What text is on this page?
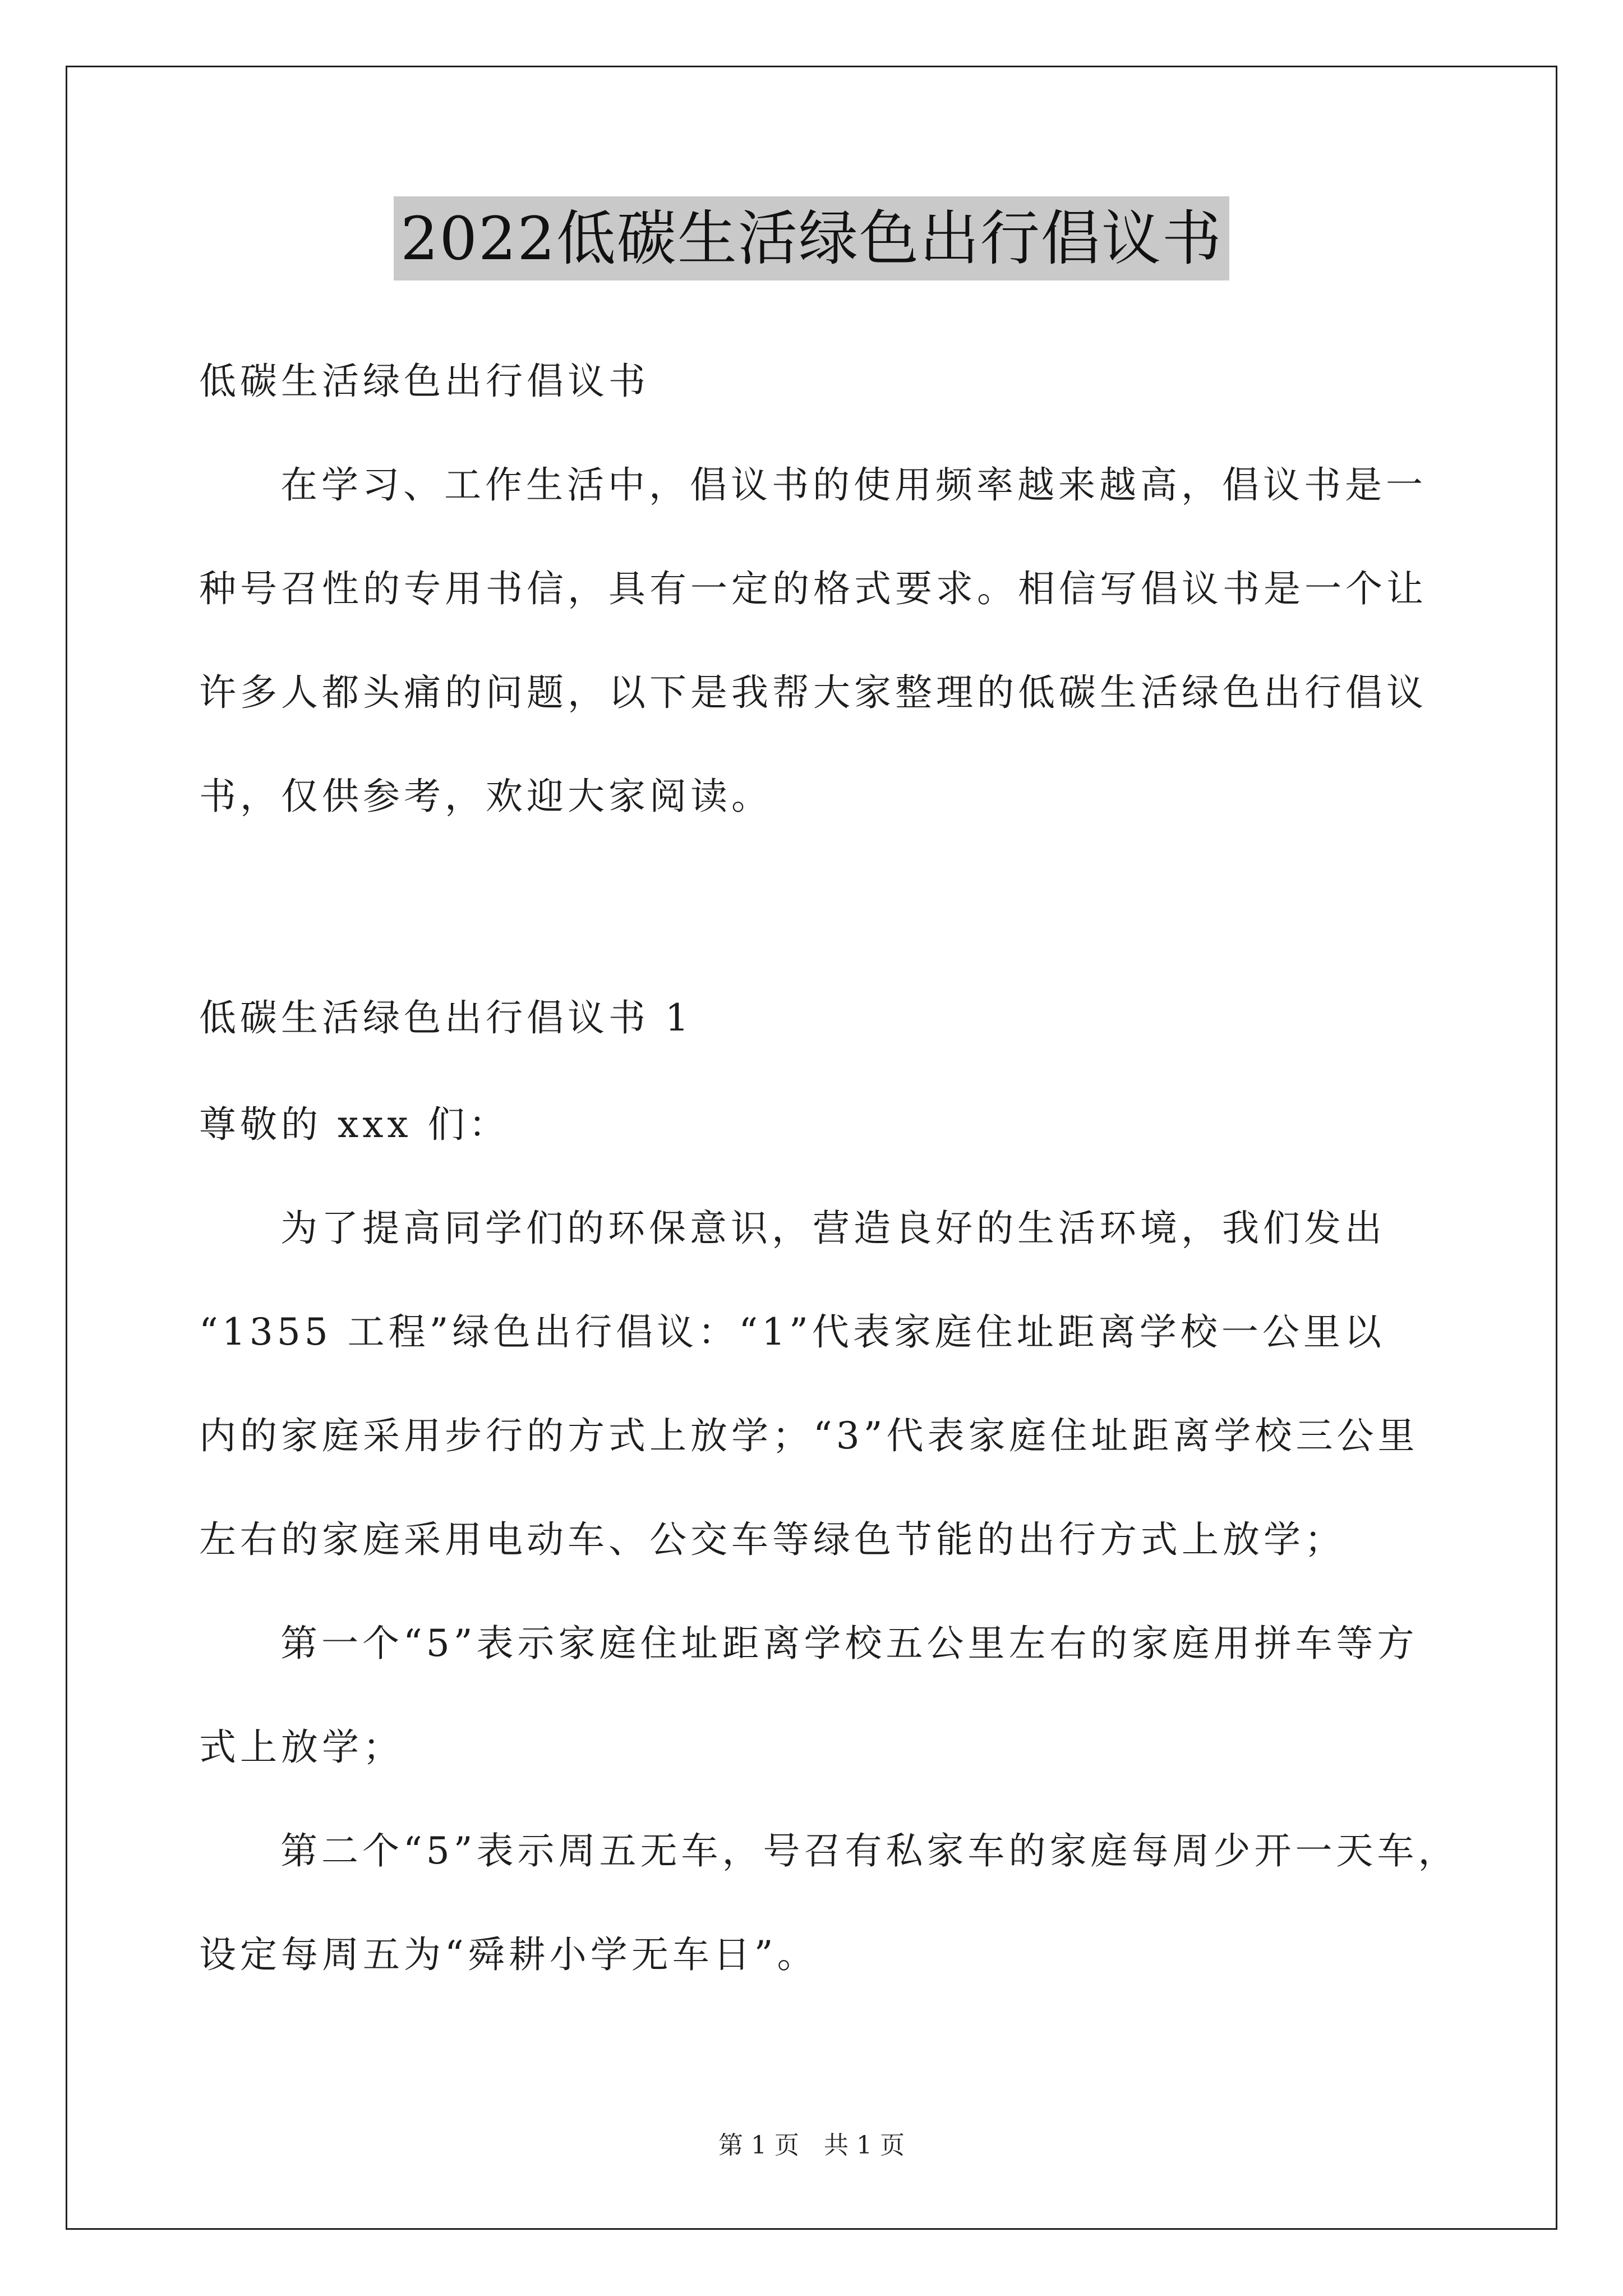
2022低碳生活绿色出行倡议书
低碳生活绿色出行倡议书
在学习、工作生活中，倡议书的使用频率越来越高，倡议书是一
种号召性的专用书信，具有一定的格式要求。相信写倡议书是一个让
许多人都头痛的问题，以下是我帮大家整理的低碳生活绿色出行倡议
书，仅供参考，欢迎大家阅读。
低碳生活绿色出行倡议书 1
尊敬的 xxx 们：
为了提高同学们的环保意识，营造良好的生活环境，我们发出
“1355 工程”绿色出行倡议：“1”代表家庭住址距离学校一公里以
内的家庭采用步行的方式上放学；“3”代表家庭住址距离学校三公里
左右的家庭采用电动车、公交车等绿色节能的出行方式上放学；
第一个“5”表示家庭住址距离学校五公里左右的家庭用拼车等方
式上放学；
第二个“5”表示周五无车，号召有私家车的家庭每周少开一天车，
设定每周五为“舜耕小学无车日”。
第 1 页　共 1 页
